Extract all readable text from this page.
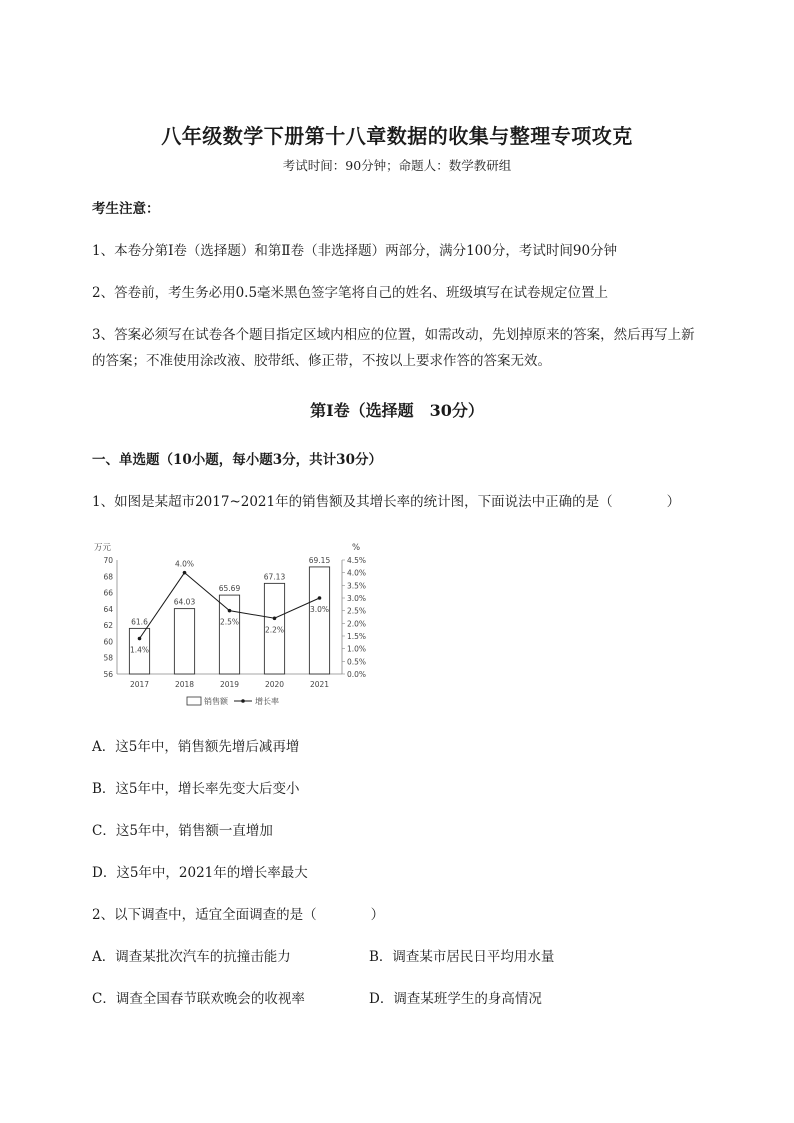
八年级数学下册第十八章数据的收集与整理专项攻克
考试时间：90分钟；命题人：数学教研组
考生注意：
1、本卷分第I卷（选择题）和第Ⅱ卷（非选择题）两部分，满分100分，考试时间90分钟
2、答卷前，考生务必用0.5毫米黑色签字笔将自己的姓名、班级填写在试卷规定位置上
3、答案必须写在试卷各个题目指定区域内相应的位置，如需改动，先划掉原来的答案，然后再写上新
的答案；不准使用涂改液、胶带纸、修正带，不按以上要求作答的答案无效。
第I卷（选择题　30分）
一、单选题（10小题，每小题3分，共计30分）
1、如图是某超市2017~2021年的销售额及其增长率的统计图，下面说法中正确的是（　　　　）
56
58
60
62
64
66
68
70
万元
0.0%
0.5%
1.0%
1.5%
2.0%
2.5%
3.0%
3.5%
4.0%
4.5%
%
61.6
64.03
65.69
67.13
69.15
2017	2018	2019	2020	2021
1.4%
4.0%
2.5%
2.2%
3.0%
销售额	增长率
A．这5年中，销售额先增后减再增
B．这5年中，增长率先变大后变小
C．这5年中，销售额一直增加
D．这5年中，2021年的增长率最大
2、以下调查中，适宜全面调查的是（　　　　）
A．调查某批次汽车的抗撞击能力	B．调查某市居民日平均用水量
C．调查全国春节联欢晚会的收视率	D．调查某班学生的身高情况
